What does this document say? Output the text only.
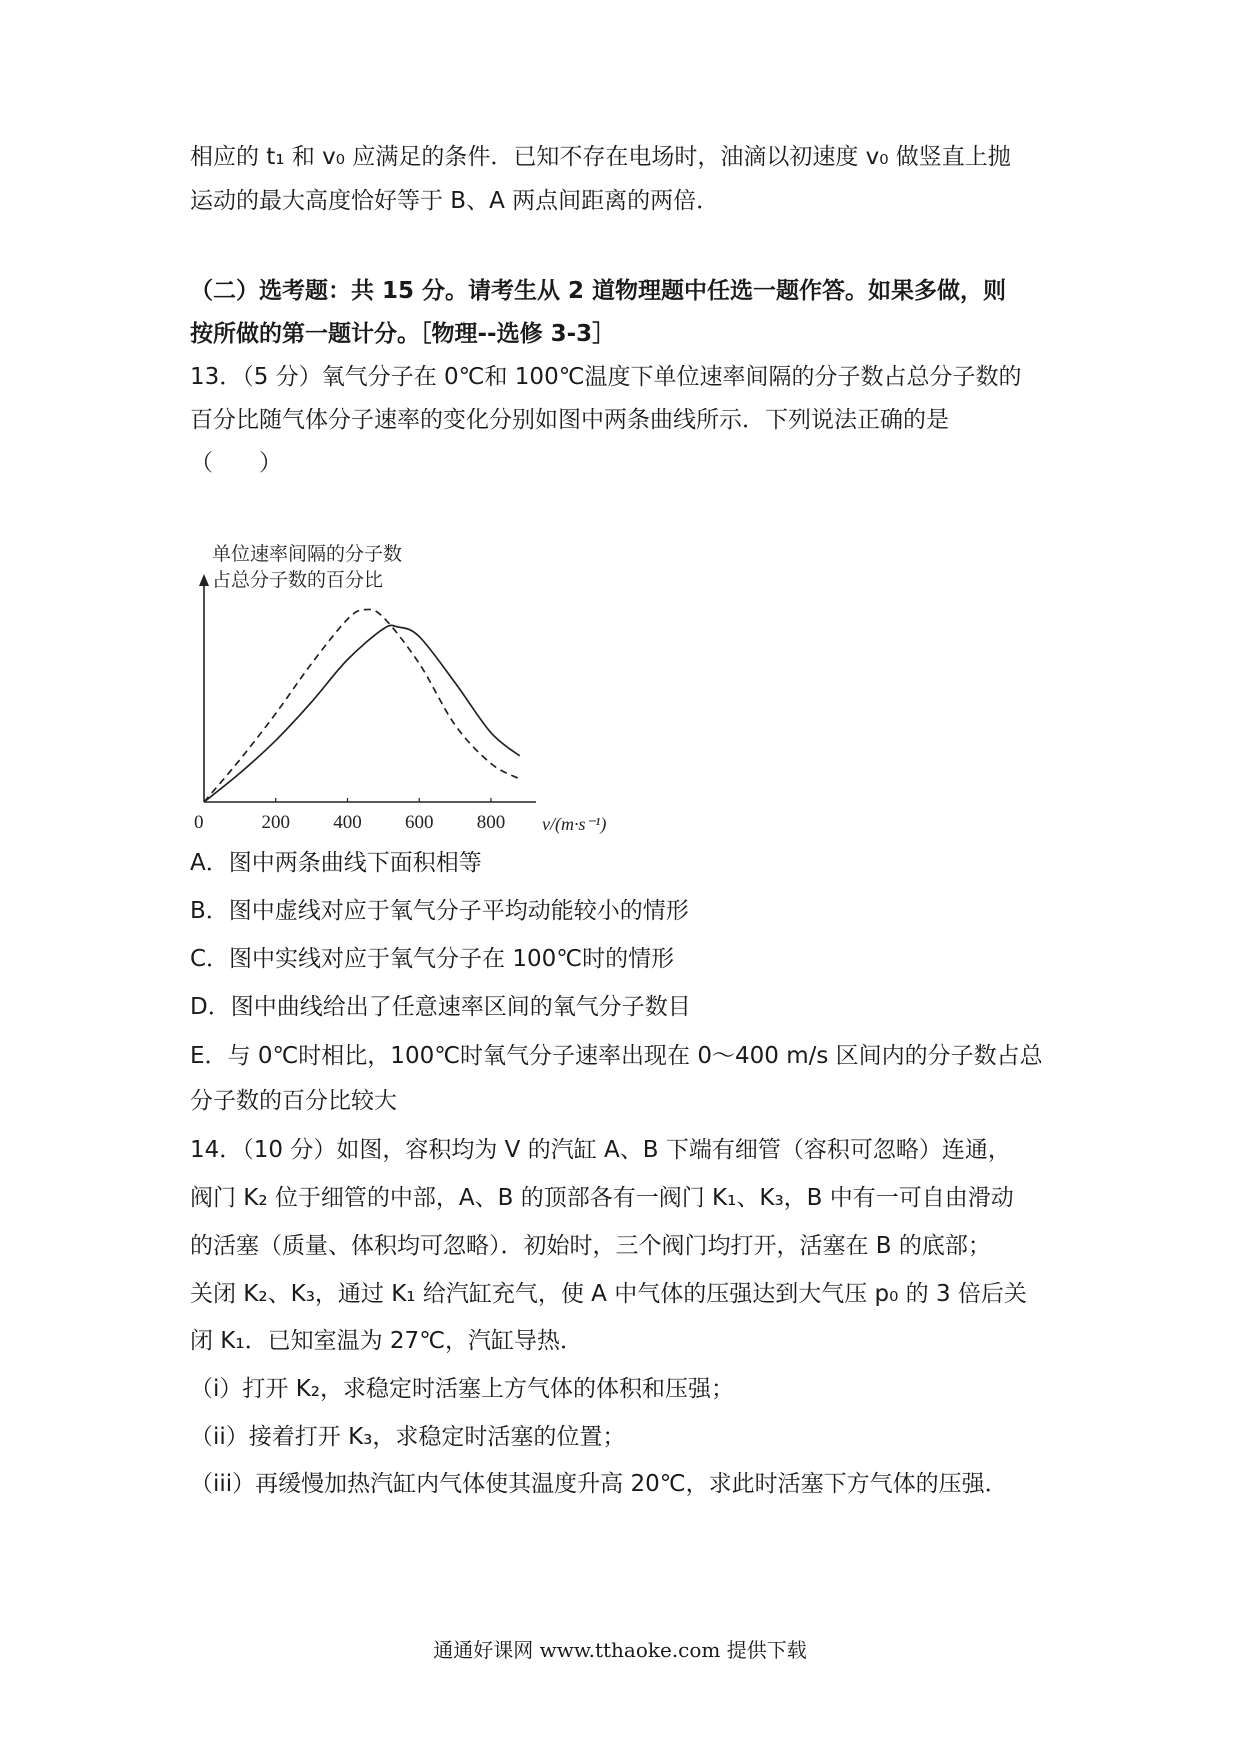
相应的 t₁ 和 v₀ 应满足的条件．已知不存在电场时，油滴以初速度 v₀ 做竖直上抛
运动的最大高度恰好等于 B、A 两点间距离的两倍．
（二）选考题：共 15 分。请考生从 2 道物理题中任选一题作答。如果多做，则
按所做的第一题计分。［物理--选修 3-3］
13．（5 分）氧气分子在 0℃和 100℃温度下单位速率间隔的分子数占总分子数的
百分比随气体分子速率的变化分别如图中两条曲线所示．下列说法正确的是
（　　）
单位速率间隔的分子数
占总分子数的百分比
0	200 400 600 800 v/(m·s⁻¹)
A．图中两条曲线下面积相等
B．图中虚线对应于氧气分子平均动能较小的情形
C．图中实线对应于氧气分子在 100℃时的情形
D．图中曲线给出了任意速率区间的氧气分子数目
E．与 0℃时相比，100℃时氧气分子速率出现在 0～400 m/s 区间内的分子数占总
分子数的百分比较大
14．（10 分）如图，容积均为 V 的汽缸 A、B 下端有细管（容积可忽略）连通，
阀门 K₂ 位于细管的中部，A、B 的顶部各有一阀门 K₁、K₃，B 中有一可自由滑动
的活塞（质量、体积均可忽略）．初始时，三个阀门均打开，活塞在 B 的底部；
关闭 K₂、K₃，通过 K₁ 给汽缸充气，使 A 中气体的压强达到大气压 p₀ 的 3 倍后关
闭 K₁．已知室温为 27℃，汽缸导热．
（i）打开 K₂，求稳定时活塞上方气体的体积和压强；
（ii）接着打开 K₃，求稳定时活塞的位置；
（iii）再缓慢加热汽缸内气体使其温度升高 20℃，求此时活塞下方气体的压强．
通通好课网 www.tthaoke.com 提供下载
